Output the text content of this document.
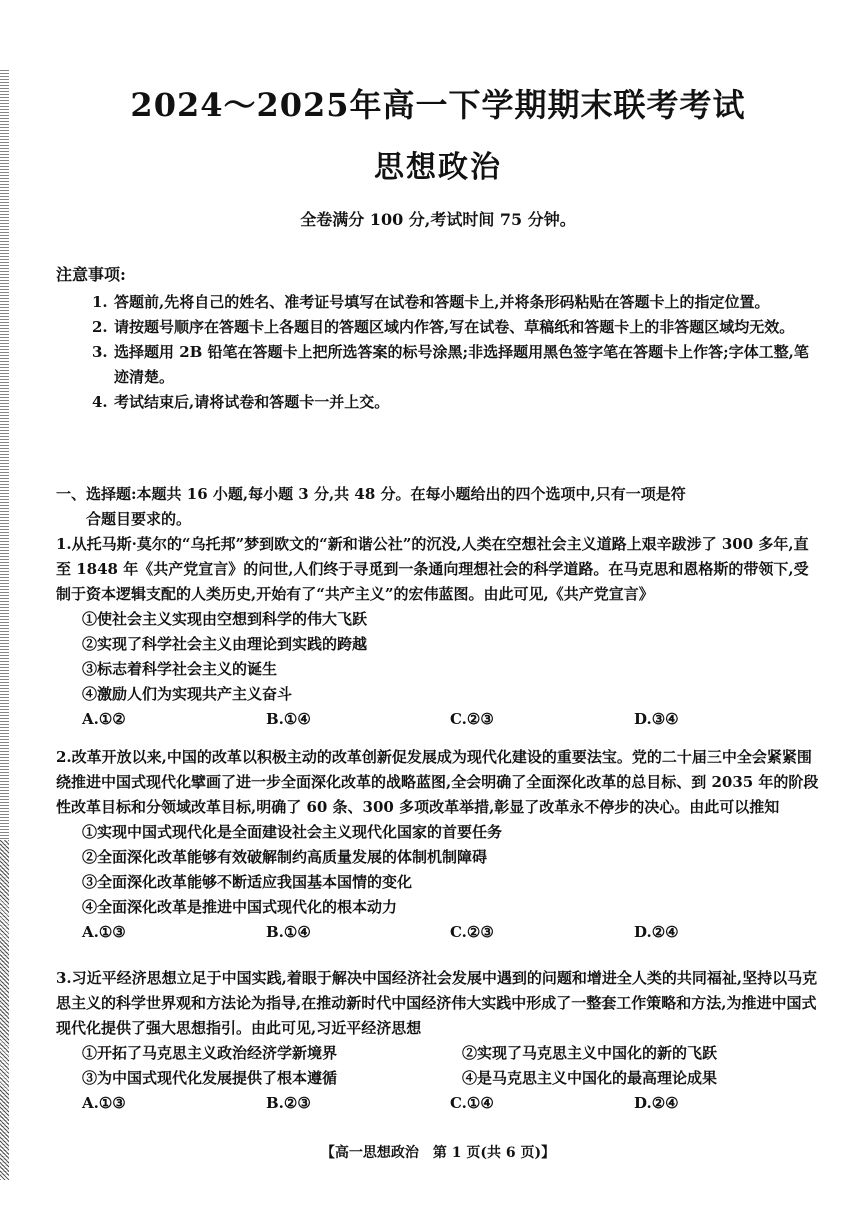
2024～2025年高一下学期期末联考考试
思想政治
全卷满分 100 分,考试时间 75 分钟。
注意事项:
1. 答题前,先将自己的姓名、准考证号填写在试卷和答题卡上,并将条形码粘贴在答题卡上的指定位置。
2. 请按题号顺序在答题卡上各题目的答题区域内作答,写在试卷、草稿纸和答题卡上的非答题区域均无效。
3. 选择题用 2B 铅笔在答题卡上把所选答案的标号涂黑;非选择题用黑色签字笔在答题卡上作答;字体工整,笔迹清楚。
4. 考试结束后,请将试卷和答题卡一并上交。
一、选择题:本题共 16 小题,每小题 3 分,共 48 分。在每小题给出的四个选项中,只有一项是符
合题目要求的。
1.从托马斯·莫尔的“乌托邦”梦到欧文的“新和谐公社”的沉没,人类在空想社会主义道路上艰辛跋涉了 300 多年,直至 1848 年《共产党宣言》的问世,人们终于寻觅到一条通向理想社会的科学道路。在马克思和恩格斯的带领下,受制于资本逻辑支配的人类历史,开始有了“共产主义”的宏伟蓝图。由此可见,《共产党宣言》
①使社会主义实现由空想到科学的伟大飞跃
②实现了科学社会主义由理论到实践的跨越
③标志着科学社会主义的诞生
④激励人们为实现共产主义奋斗
A.①②	B.①④	C.②③	D.③④
2.改革开放以来,中国的改革以积极主动的改革创新促发展成为现代化建设的重要法宝。党的二十届三中全会紧紧围绕推进中国式现代化擘画了进一步全面深化改革的战略蓝图,全会明确了全面深化改革的总目标、到 2035 年的阶段性改革目标和分领域改革目标,明确了 60 条、300 多项改革举措,彰显了改革永不停步的决心。由此可以推知
①实现中国式现代化是全面建设社会主义现代化国家的首要任务
②全面深化改革能够有效破解制约高质量发展的体制机制障碍
③全面深化改革能够不断适应我国基本国情的变化
④全面深化改革是推进中国式现代化的根本动力
A.①③	B.①④	C.②③	D.②④
3.习近平经济思想立足于中国实践,着眼于解决中国经济社会发展中遇到的问题和增进全人类的共同福祉,坚持以马克思主义的科学世界观和方法论为指导,在推动新时代中国经济伟大实践中形成了一整套工作策略和方法,为推进中国式现代化提供了强大思想指引。由此可见,习近平经济思想
①开拓了马克思主义政治经济学新境界	②实现了马克思主义中国化的新的飞跃
③为中国式现代化发展提供了根本遵循	④是马克思主义中国化的最高理论成果
A.①③	B.②③	C.①④	D.②④
【高一思想政治　第 1 页(共 6 页)】
